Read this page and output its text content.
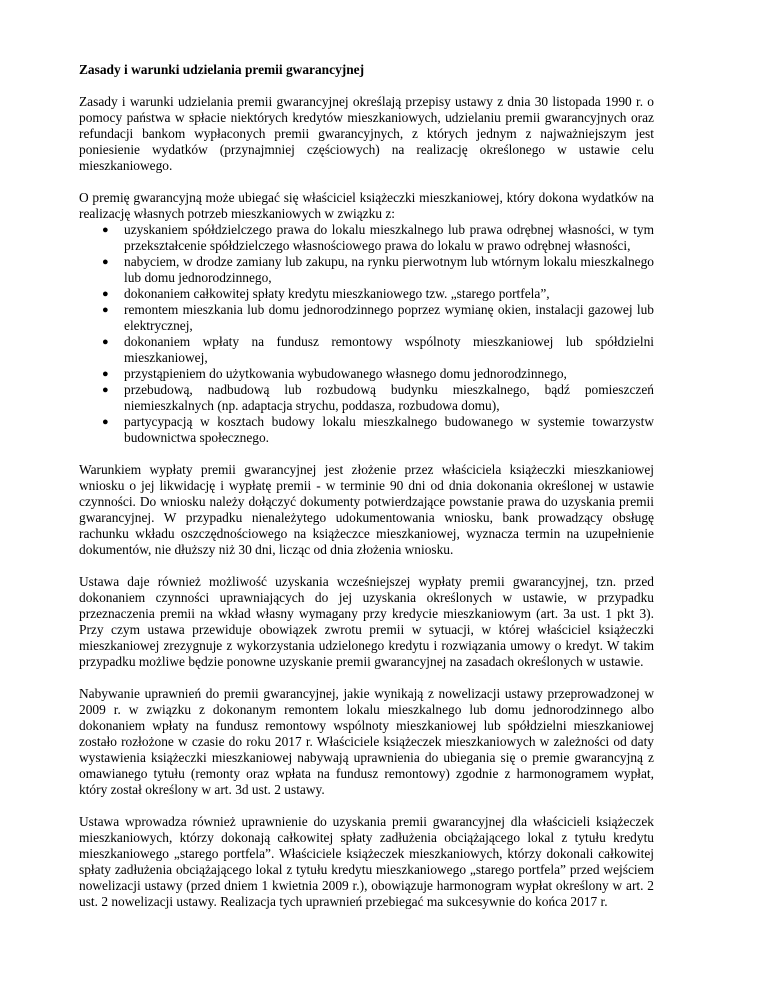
Zasady i warunki udzielania premii gwarancyjnej

Zasady i warunki udzielania premii gwarancyjnej określają przepisy ustawy z dnia 30 listopada 1990 r. o pomocy państwa w spłacie niektórych kredytów mieszkaniowych, udzielaniu premii gwarancyjnych oraz refundacji bankom wypłaconych premii gwarancyjnych, z których jednym z najważniejszym jest poniesienie wydatków (przynajmniej częściowych) na realizację określonego w ustawie celu mieszkaniowego.

O premię gwarancyjną może ubiegać się właściciel książeczki mieszkaniowej, który dokona wydatków na realizację własnych potrzeb mieszkaniowych w związku z:

● uzyskaniem spółdzielczego prawa do lokalu mieszkalnego lub prawa odrębnej własności, w tym przekształcenie spółdzielczego własnościowego prawa do lokalu w prawo odrębnej własności,
● nabyciem, w drodze zamiany lub zakupu, na rynku pierwotnym lub wtórnym lokalu mieszkalnego lub domu jednorodzinnego,
● dokonaniem całkowitej spłaty kredytu mieszkaniowego tzw. „starego portfela”,
● remontem mieszkania lub domu jednorodzinnego poprzez wymianę okien, instalacji gazowej lub elektrycznej,
● dokonaniem wpłaty na fundusz remontowy wspólnoty mieszkaniowej lub spółdzielni mieszkaniowej,
● przystąpieniem do użytkowania wybudowanego własnego domu jednorodzinnego,
● przebudową, nadbudową lub rozbudową budynku mieszkalnego, bądź pomieszczeń niemieszkalnych (np. adaptacja strychu, poddasza, rozbudowa domu),
● partycypacją w kosztach budowy lokalu mieszkalnego budowanego w systemie towarzystw budownictwa społecznego.

Warunkiem wypłaty premii gwarancyjnej jest złożenie przez właściciela książeczki mieszkaniowej wniosku o jej likwidację i wypłatę premii - w terminie 90 dni od dnia dokonania określonej w ustawie czynności. Do wniosku należy dołączyć dokumenty potwierdzające powstanie prawa do uzyskania premii gwarancyjnej. W przypadku nienależytego udokumentowania wniosku, bank prowadzący obsługę rachunku wkładu oszczędnościowego na książeczce mieszkaniowej, wyznacza termin na uzupełnienie dokumentów, nie dłuższy niż 30 dni, licząc od dnia złożenia wniosku.

Ustawa daje również możliwość uzyskania wcześniejszej wypłaty premii gwarancyjnej, tzn. przed dokonaniem czynności uprawniających do jej uzyskania określonych w ustawie, w przypadku przeznaczenia premii na wkład własny wymagany przy kredycie mieszkaniowym (art. 3a ust. 1 pkt 3). Przy czym ustawa przewiduje obowiązek zwrotu premii w sytuacji, w której właściciel książeczki mieszkaniowej zrezygnuje z wykorzystania udzielonego kredytu i rozwiązania umowy o kredyt. W takim przypadku możliwe będzie ponowne uzyskanie premii gwarancyjnej na zasadach określonych w ustawie.

Nabywanie uprawnień do premii gwarancyjnej, jakie wynikają z nowelizacji ustawy przeprowadzonej w 2009 r. w związku z dokonanym remontem lokalu mieszkalnego lub domu jednorodzinnego albo dokonaniem wpłaty na fundusz remontowy wspólnoty mieszkaniowej lub spółdzielni mieszkaniowej zostało rozłożone w czasie do roku 2017 r. Właściciele książeczek mieszkaniowych w zależności od daty wystawienia książeczki mieszkaniowej nabywają uprawnienia do ubiegania się o premie gwarancyjną z omawianego tytułu (remonty oraz wpłata na fundusz remontowy) zgodnie z harmonogramem wypłat, który został określony w art. 3d ust. 2 ustawy.

Ustawa wprowadza również uprawnienie do uzyskania premii gwarancyjnej dla właścicieli książeczek mieszkaniowych, którzy dokonają całkowitej spłaty zadłużenia obciążającego lokal z tytułu kredytu mieszkaniowego „starego portfela”. Właściciele książeczek mieszkaniowych, którzy dokonali całkowitej spłaty zadłużenia obciążającego lokal z tytułu kredytu mieszkaniowego „starego portfela” przed wejściem nowelizacji ustawy (przed dniem 1 kwietnia 2009 r.), obowiązuje harmonogram wypłat określony w art. 2 ust. 2 nowelizacji ustawy. Realizacja tych uprawnień przebiegać ma sukcesywnie do końca 2017 r.
